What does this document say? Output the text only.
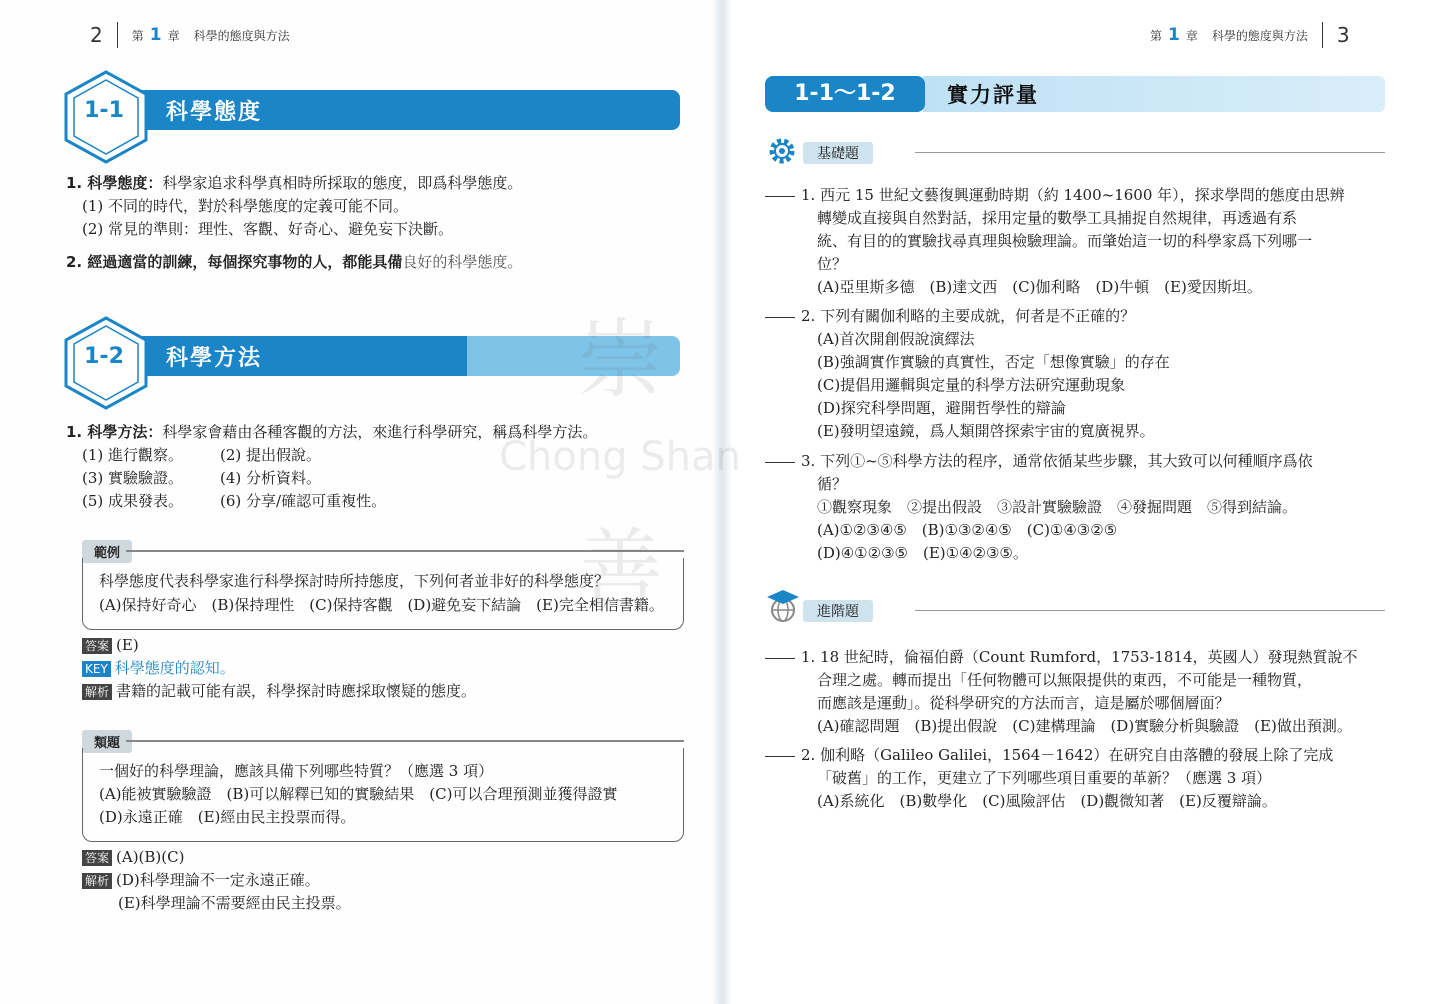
2 第 1 章 科學的態度與方法
1-1	科學態度
1. 科學態度：科學家追求科學真相時所採取的態度，即爲科學態度。
(1) 不同的時代，對於科學態度的定義可能不同。
(2) 常見的準則：理性、客觀、好奇心、避免妄下決斷。
2. 經過適當的訓練，每個探究事物的人，都能具備良好的科學態度。
1-2	科學方法
1. 科學方法：科學家會藉由各種客觀的方法，來進行科學研究，稱爲科學方法。
(1) 進行觀察。	(2) 提出假說。
(3) 實驗驗證。	(4) 分析資料。
(5) 成果發表。	(6) 分享/確認可重複性。
範例
科學態度代表科學家進行科學探討時所持態度，下列何者並非好的科學態度？
(A)保持好奇心　(B)保持理性　(C)保持客觀　(D)避免妄下結論　(E)完全相信書籍。
答案 (E)
KEY 科學態度的認知。
解析 書籍的記載可能有誤，科學探討時應採取懷疑的態度。
類題
一個好的科學理論，應該具備下列哪些特質？（應選 3 項）
(A)能被實驗驗證　(B)可以解釋已知的實驗結果　(C)可以合理預測並獲得證實
(D)永遠正確　(E)經由民主投票而得。
答案 (A)(B)(C)
解析 (D)科學理論不一定永遠正確。
(E)科學理論不需要經由民主投票。
第 1 章 科學的態度與方法 3
1-1〜1-2	實力評量
基礎題
1. 西元 15 世紀文藝復興運動時期（約 1400~1600 年），探求學問的態度由思辨
轉變成直接與自然對話，採用定量的數學工具捕捉自然規律，再透過有系
統、有目的的實驗找尋真理與檢驗理論。而肇始這一切的科學家爲下列哪一
位？
(A)亞里斯多德　(B)達文西　(C)伽利略　(D)牛頓　(E)愛因斯坦。
2. 下列有關伽利略的主要成就，何者是不正確的？
(A)首次開創假說演繹法
(B)強調實作實驗的真實性，否定「想像實驗」的存在
(C)提倡用邏輯與定量的科學方法研究運動現象
(D)探究科學問題，避開哲學性的辯論
(E)發明望遠鏡，爲人類開啓探索宇宙的寬廣視界。
3. 下列①~⑤科學方法的程序，通常依循某些步驟，其大致可以何種順序爲依
循？
①觀察現象　②提出假設　③設計實驗驗證　④發掘問題　⑤得到結論。
(A)①②③④⑤　(B)①③②④⑤　(C)①④③②⑤
(D)④①②③⑤　(E)①④②③⑤。
進階題
1. 18 世紀時，倫福伯爵（Count Rumford，1753-1814，英國人）發現熱質說不
合理之處。轉而提出「任何物體可以無限提供的東西，不可能是一種物質，
而應該是運動」。從科學研究的方法而言，這是屬於哪個層面？
(A)確認問題　(B)提出假說　(C)建構理論　(D)實驗分析與驗證　(E)做出預測。
2. 伽利略（Galileo Galilei，1564－1642）在研究自由落體的發展上除了完成
「破舊」的工作，更建立了下列哪些項目重要的革新？（應選 3 項）
(A)系統化　(B)數學化　(C)風險評估　(D)觀微知著　(E)反覆辯論。
